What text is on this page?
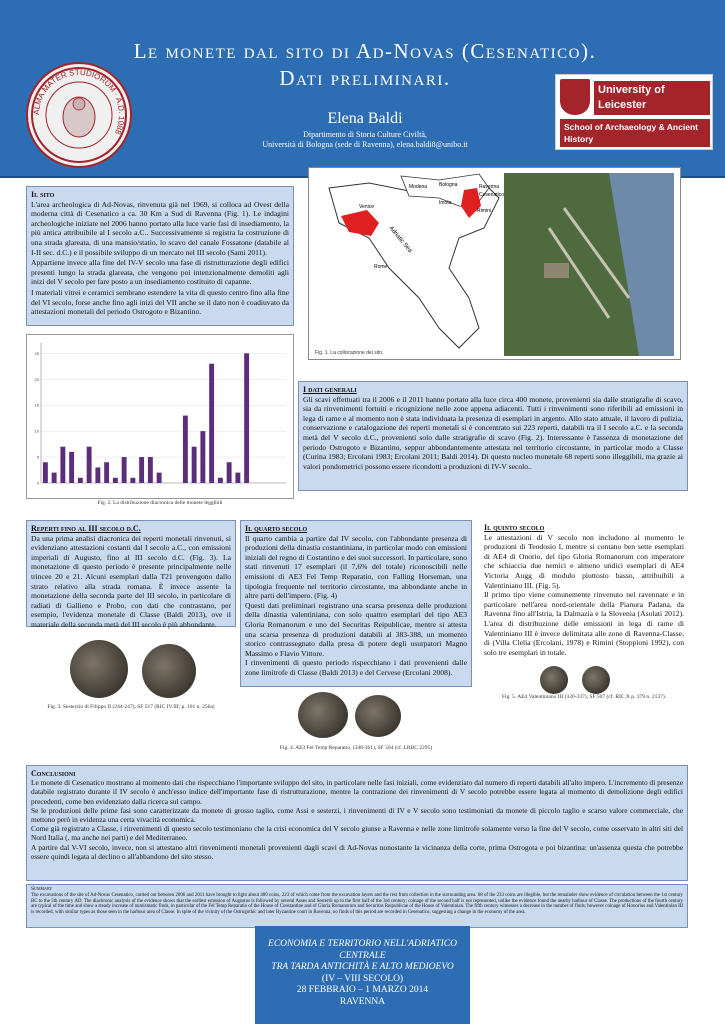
ALMA MATER STUDIORUM · A.D. 1088
Le monete dal sito di Ad-Novas (Cesenatico).
Dati preliminari.
Elena Baldi
Dipartimento di Storia Culture Civiltà,
Università di Bologna (sede di Ravenna), elena.baldi8@unibo.it
University of Leicester
School of Archaeology & Ancient History
Il sito

L'area archeologica di Ad-Novas, rinvenuta già nel 1969, si colloca ad Ovest della moderna città di Cesenatico a ca. 30 Km a Sud di Ravenna (Fig. 1). Le indagini archeologiche iniziate nel 2006 hanno portato alla luce varie fasi di insediamento, la più antica attribuibile al I secolo a.C.. Successivamente si registra la costruzione di una strada glareata, di una mansio/statio, lo scavo del canale Fossatone (databile al I-II sec. d.C.) e il possibile sviluppo di un mercato nel III secolo (Sami 2011).

Appartiene invece alla fine del IV-V secolo una fase di ristrutturazione degli edifici presenti lungo la strada glareata, che vengono poi intenzionalmente demoliti agli inizi del V secolo per fare posto a un insediamento costituito di capanne.

I materiali vitrei e ceramici sembrano estendere la vita di questo centro fino alla fine del VI secolo, forse anche fino agli inizi del VII anche se il dato non è coadiuvato da attestazioni monetali del periodo Ostrogoto e Bizantino.

Modena Bologna	Ravenna
Cesenatico
Imola
Venice
Rimini
Rome
Adriatic Sea
Fig. 1. La collocazione del sito.
0
5
10
15
20
25
Fig. 2. La distribuzione diacronica delle monete leggibili
I dati generali
Gli scavi effettuati tra il 2006 e il 2011 hanno portato alla luce circa 400 monete, provenienti sia dalle stratigrafie di scavo, sia da rinvenimenti fortuiti e ricognizione nelle zone appena adiacenti. Tutti i rinvenimenti sono riferibili ad emissioni in lega di rame e al momento non è stata individuata la presenza di esemplari in argento. Allo stato attuale, il lavoro di pulizia, conservazione e catalogazione dei reperti monetali si è concentrato sui 223 reperti, databili tra il I secolo a.C. e la seconda metà del V secolo d.C., provenienti solo dalle stratigrafie di scavo (Fig. 2). Interessante è l'assenza di monetazione del periodo Ostrogoto e Bizantino, seppur abbondantemente attestata nel territorio circostante, in particolar modo a Classe (Curina 1983; Ercolani 1983; Ercolani 2011; Baldi 2014). Di questo nucleo monetale 68 reperti sono illeggibili, ma grazie ai valori pondometrici possono essere ricondotti a produzioni di IV-V secolo..
Reperti fino al III secolo d.C.
Da una prima analisi diacronica dei reperti monetali rinvenuti, si evidenziano attestazioni costanti dal I secolo a.C., con emissioni imperiali di Augusto, fino al III secolo d.C. (Fig. 3). La monetazione di questo periodo è presente principalmente nelle trincee 20 e 21. Alcuni esemplari dalla T21 provengono dallo strato relativo alla strada romana. È invece assente la monetazione della seconda parte del III secolo, in particolare di radiati di Gallieno e Probo, con dati che contrastano, per esempio, l'evidenza monetale di Classe (Baldi 2013), ove il materiale della seconda metà del III secolo è più abbondante.
Fig. 3. Sesterzio di Filippo II (244-247), SF 517 (RIC IV.III, p. 101 n. 256a)
Il quarto secolo

Il quarto cambia a partire dal IV secolo, con l'abbondante presenza di produzioni della dinastia costantiniana, in particolar modo con emissioni iniziali del regno di Costantino e dei suoi successori. In particolare, sono stati rinvenuti 17 esemplari (il 7,6% del totale) riconoscibili nelle emissioni di AE3 Fel Temp Reparatio, con Falling Horseman, una tipologia frequente nel territorio circostante, ma abbondante anche in altre parti dell'impero. (Fig. 4)

Questi dati preliminari registrano una scarsa presenza delle produzioni della dinastia valentiniana, con solo quattro esemplari del tipo AE3 Gloria Romanorum e uno del Securitas Reipublicae, mentre si attesta una scarsa presenza di produzioni databili al 383-388, un momento storico contrassegnato dalla presa di potere degli usurpatori Magno Massimo e Flavio Vittore.

I rinvenimenti di questo periodo rispecchiano i dati provenienti dalle zone limitrofe di Classe (Baldi 2013) e del Cervese (Ercolani 2008).

Fig. 4. AE3 Fel Temp Reparatio, (348-361), SF 504 (cf. LRBC 2295)
Il quinto secolo

Le attestazioni di V secolo non includono al momento le produzioni di Teodosio I, mentre si contano ben sette esemplari di AE4 di Onorio, del tipo Gloria Romanorum con imperatore che schiaccia due nemici e almeno undici esemplari di AE4 Victoria Augg di modulo piuttosto basso, attribuibili a Valentiniano III. (Fig. 5).

Il primo tipo viene comunemente rinvenuto nel ravennate e in particolare nell'area nord-orientale della Pianura Padana, da Ravenna fino all'Istria, la Dalmazia e la Slovenia (Asolati 2012). L'area di distribuzione delle emissioni in lega di rame di Valentiniano III è invece delimitata alle zone di Ravenna-Classe, di (Villa Clelia (Ercolani, 1978) e Rimini (Stoppioni 1992), con solo tre esemplari in totale.

Fig. 5. AE4 Valentiniano III (330-337), SF 507 (cf. RIC X p. 379 n. 2137).
Conclusioni

Le monete di Cesenatico mostrano al momento dati che rispecchiano l'importante sviluppo del sito, in particolare nelle fasi iniziali, come evidenziato dal numero di reperti databili all'alto impero. L'incremento di presenze databile registrato durante il IV secolo è anch'esso indice dell'importante fase di ristrutturazione, mentre la contrazione dei rinvenimenti di V secolo potrebbe essere legata al momento di demolizione degli edifici precedenti, come ben evidenziato dalla ricerca sul campo.

Se le produzioni delle prime fasi sono caratterizzate da monete di grosso taglio, come Assi e sesterzi, i rinvenimenti di IV e V secolo sono testimoniati da monete di piccolo taglio e scarso valore commerciale, che mettono però in evidenza una certa vivacità economica.

Come già registrato a Classe, i rinvenimenti di questo secolo testimoniano che la crisi economica del V secolo giunse a Ravenna e nelle zone limitrofe solamente verso la fine del V secolo, come osservato in altri siti del Nord Italia (, ma anche nei parti) e del Mediterraneo.

A partire dal V-VI secolo, invece, non si attestano altri rinvenimenti monetali provenienti dagli scavi di Ad-Novas nonostante la vicinanza della corte, prima Ostrogota e poi bizantina: un'assenza questa che potrebbe essere quindi legata al declino o all'abbandono del sito stesso.

Summary
The excavations of the site of Ad-Novas Cesenatico, carried out between 2006 and 2011 have brought to light about 400 coins, 223 of which come from the excavation layers and the rest from collection in the surrounding area. 68 of the 233 coins are illegible, but the remainder show evidence of circulation between the 1st century BC to the 5th century AD. The diachronic analysis of the evidence shows that the earliest emission of Augustus is followed by several Asses and Sestertii up to the first half of the 3rd century; coinage of the second half is not represented, unlike the evidence found the nearby harbour of Classe. The productions of the fourth century are typical of the time and show a steady increase of numismatic finds, in particular of the Fel Temp Reparatio of the House of Constantine and of Gloria Romanorum and Securitas Reipublicae of the House of Valentinian. The fifth century witnesses a decrease in the number of finds; however coinage of Honorius and Valentinian III is recorded, with similar types as those seen in the harbour area of Classe. In spite of the vicinity of the Ostrogothic and later Byzantine court in Ravenna, no finds of this period are recorded in Cesenatico, suggesting a change in the economy of the area.
ECONOMIA E TERRITORIO NELL'ADRIATICO
CENTRALE
TRA TARDA ANTICHITÀ E ALTO MEDIOEVO
(IV – VIII SECOLO)
28 FEBBRAIO – 1 MARZO 2014
RAVENNA
